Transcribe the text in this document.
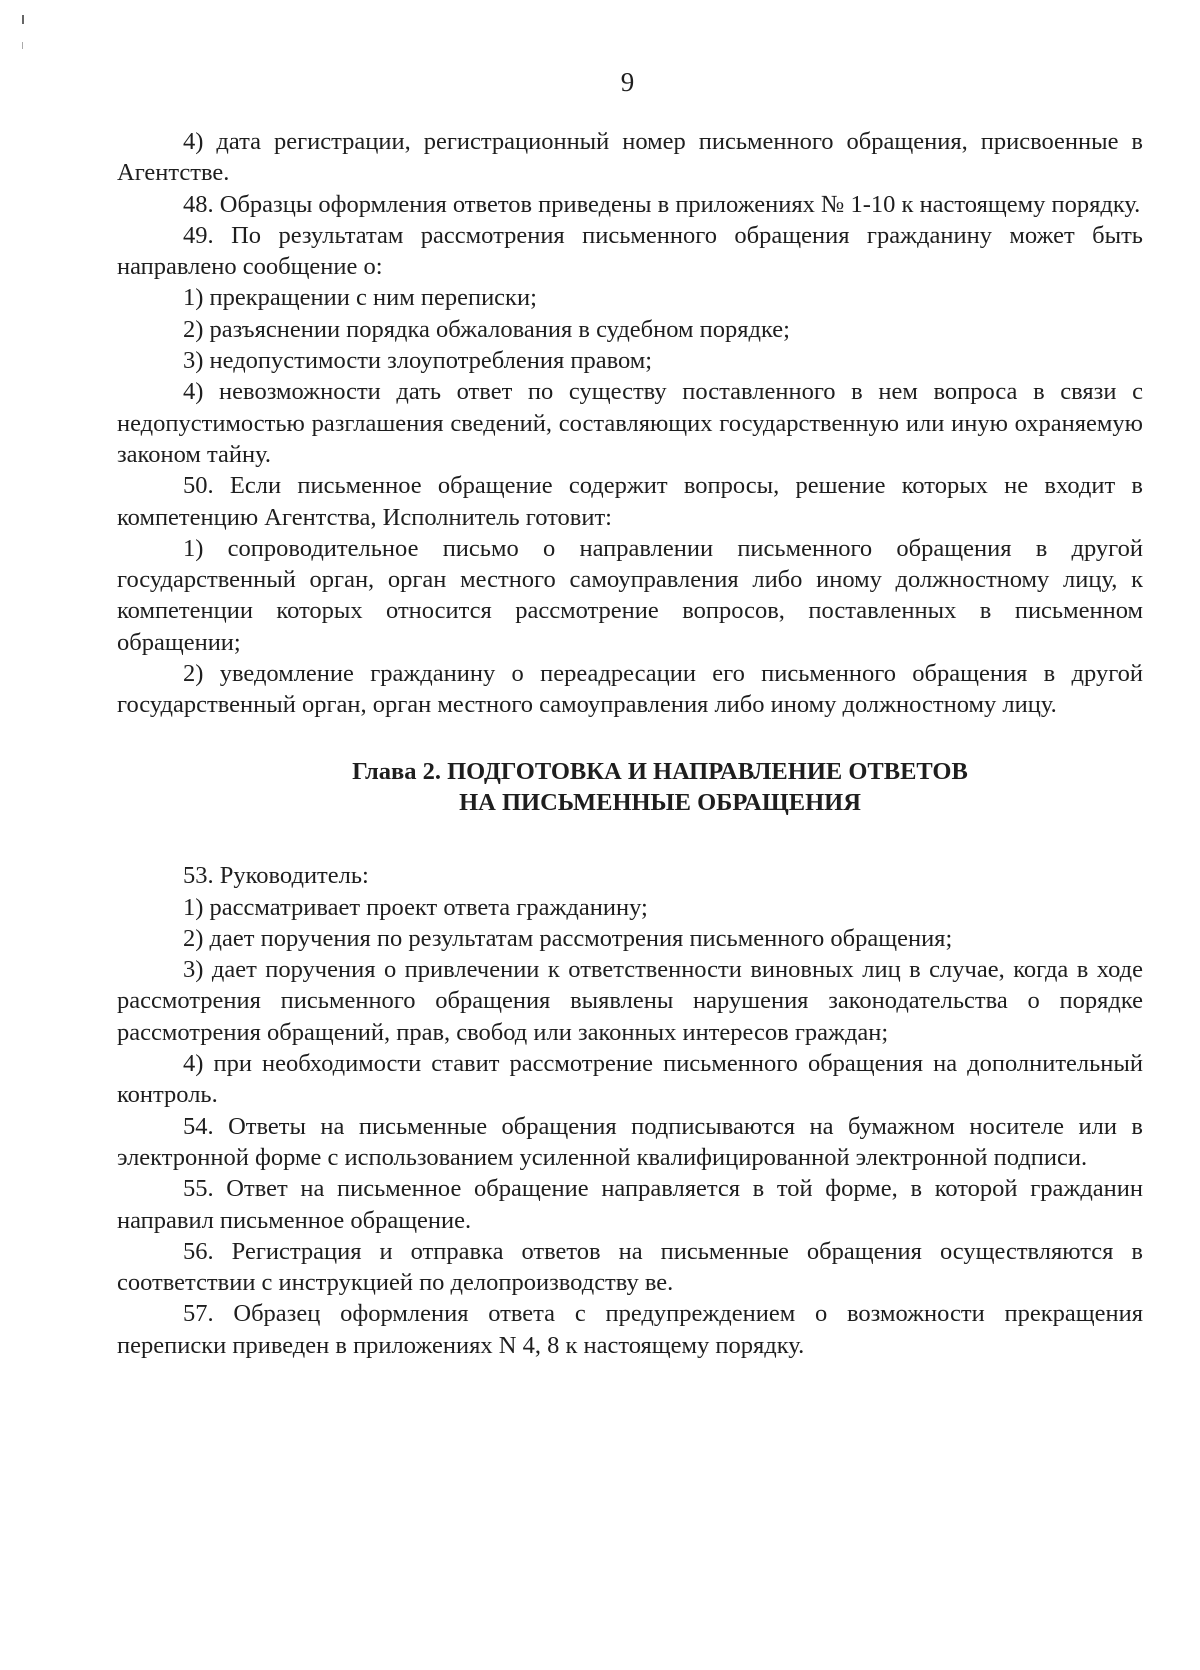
9

4) дата регистрации, регистрационный номер письменного обращения, присвоенные в Агентстве.

48. Образцы оформления ответов приведены в приложениях № 1-10 к настоящему порядку.

49. По результатам рассмотрения письменного обращения гражданину может быть направлено сообщение о:

1) прекращении с ним переписки;

2) разъяснении порядка обжалования в судебном порядке;

3) недопустимости злоупотребления правом;

4) невозможности дать ответ по существу поставленного в нем вопроса в связи с недопустимостью разглашения сведений, составляющих государственную или иную охраняемую законом тайну.

50. Если письменное обращение содержит вопросы, решение которых не входит в компетенцию Агентства, Исполнитель готовит:

1) сопроводительное письмо о направлении письменного обращения в другой государственный орган, орган местного самоуправления либо иному должностному лицу, к компетенции которых относится рассмотрение вопросов, поставленных в письменном обращении;

2) уведомление гражданину о переадресации его письменного обращения в другой государственный орган, орган местного самоуправления либо иному должностному лицу.

Глава 2. ПОДГОТОВКА И НАПРАВЛЕНИЕ ОТВЕТОВ
НА ПИСЬМЕННЫЕ ОБРАЩЕНИЯ

53. Руководитель:

1) рассматривает проект ответа гражданину;

2) дает поручения по результатам рассмотрения письменного обращения;

3) дает поручения о привлечении к ответственности виновных лиц в случае, когда в ходе рассмотрения письменного обращения выявлены нарушения законодательства о порядке рассмотрения обращений, прав, свобод или законных интересов граждан;

4) при необходимости ставит рассмотрение письменного обращения на дополнительный контроль.

54. Ответы на письменные обращения подписываются на бумажном носителе или в электронной форме с использованием усиленной квалифицированной электронной подписи.

55. Ответ на письменное обращение направляется в той форме, в которой гражданин направил письменное обращение.

56. Регистрация и отправка ответов на письменные обращения осуществляются в соответствии с инструкцией по делопроизводству ве.

57. Образец оформления ответа с предупреждением о возможности прекращения переписки приведен в приложениях N 4, 8 к настоящему порядку.
